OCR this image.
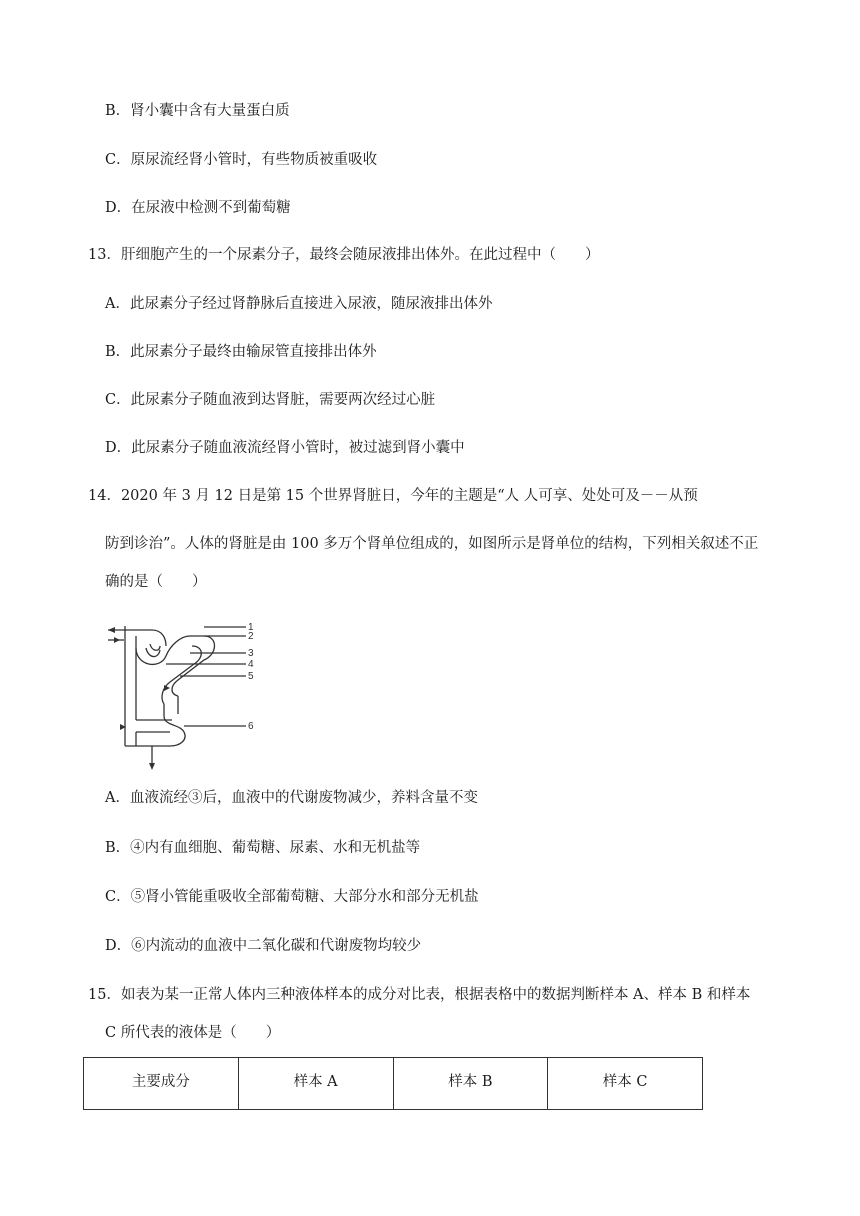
B．肾小囊中含有大量蛋白质
C．原尿流经肾小管时，有些物质被重吸收
D．在尿液中检测不到葡萄糖
13．肝细胞产生的一个尿素分子，最终会随尿液排出体外。在此过程中（　　）
A．此尿素分子经过肾静脉后直接进入尿液，随尿液排出体外
B．此尿素分子最终由输尿管直接排出体外
C．此尿素分子随血液到达肾脏，需要两次经过心脏
D．此尿素分子随血液流经肾小管时，被过滤到肾小囊中
14．2020 年 3 月 12 日是第 15 个世界肾脏日，今年的主题是“人 人可享、处处可及－－从预
防到诊治”。人体的肾脏是由 100 多万个肾单位组成的，如图所示是肾单位的结构，下列相关叙述不正
确的是（　　）
1
2
3
4
5
6
A．血液流经③后，血液中的代谢废物减少，养料含量不变
B．④内有血细胞、葡萄糖、尿素、水和无机盐等
C．⑤肾小管能重吸收全部葡萄糖、大部分水和部分无机盐
D．⑥内流动的血液中二氧化碳和代谢废物均较少
15．如表为某一正常人体内三种液体样本的成分对比表，根据表格中的数据判断样本 A、样本 B 和样本
C 所代表的液体是（　　）
主要成分	样本 A	样本 B	样本 C
